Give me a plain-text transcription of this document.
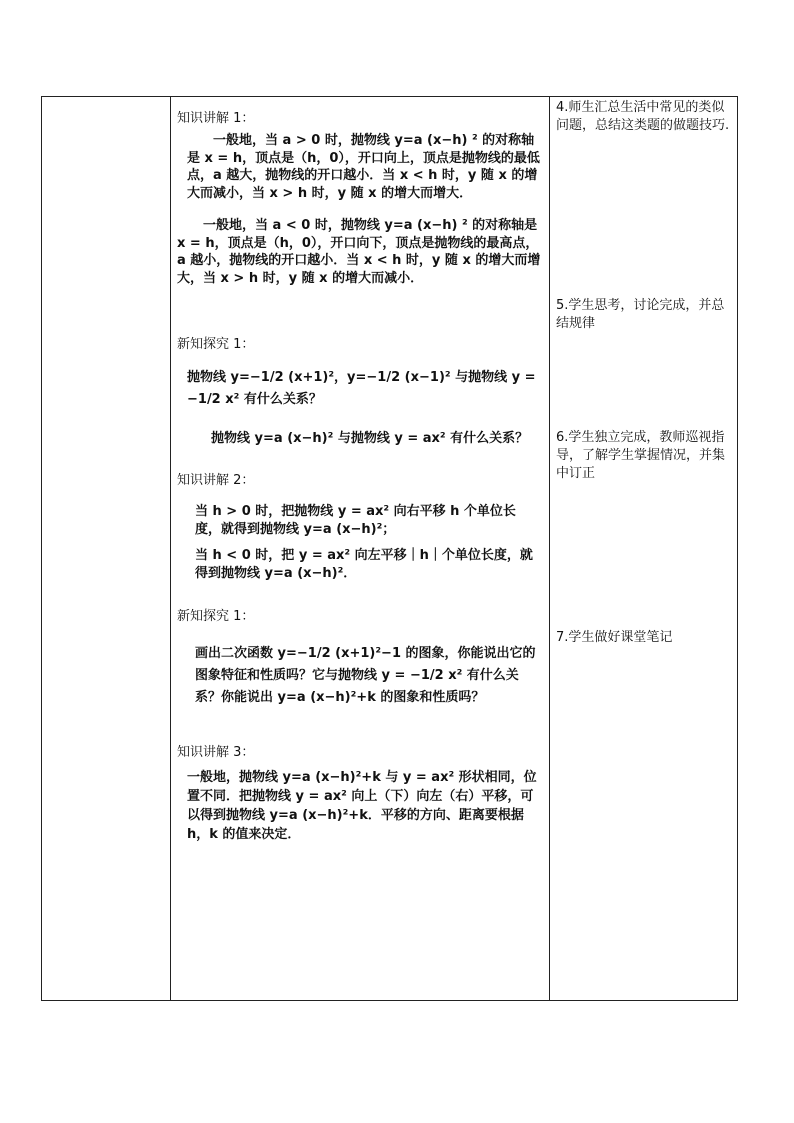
知识讲解 1：
　　一般地，当 a > 0 时，抛物线 y=a (x−h) ² 的对称轴是 x = h，顶点是（h，0），开口向上，顶点是抛物线的最低点，a 越大，抛物线的开口越小．当 x < h 时，y 随 x 的增大而减小，当 x > h 时，y 随 x 的增大而增大．
　　一般地，当 a < 0 时，抛物线 y=a (x−h) ² 的对称轴是 x = h，顶点是（h，0），开口向下，顶点是抛物线的最高点，a 越小，抛物线的开口越小．当 x < h 时，y 随 x 的增大而增大，当 x > h 时，y 随 x 的增大而减小．
新知探究 1：
抛物线 y=−1/2 (x+1)²，y=−1/2 (x−1)² 与抛物线 y = −1/2 x² 有什么关系？
抛物线 y=a (x−h)² 与抛物线 y = ax² 有什么关系？
知识讲解 2：
当 h > 0 时，把抛物线 y = ax² 向右平移 h 个单位长度，就得到抛物线 y=a (x−h)²；
当 h < 0 时，把 y = ax² 向左平移｜h｜个单位长度，就得到抛物线 y=a (x−h)²．
新知探究 1：
画出二次函数 y=−1/2 (x+1)²−1 的图象，你能说出它的图象特征和性质吗？它与抛物线 y = −1/2 x² 有什么关系？你能说出 y=a (x−h)²+k 的图象和性质吗？
知识讲解 3：
一般地，抛物线 y=a (x−h)²+k 与 y = ax² 形状相同，位置不同．把抛物线 y = ax² 向上（下）向左（右）平移，可以得到抛物线 y=a (x−h)²+k．平移的方向、距离要根据 h，k 的值来决定．
4.师生汇总生活中常见的类似问题，总结这类题的做题技巧.
5.学生思考，讨论完成，并总结规律
6.学生独立完成，教师巡视指导，了解学生掌握情况，并集中订正
7.学生做好课堂笔记
